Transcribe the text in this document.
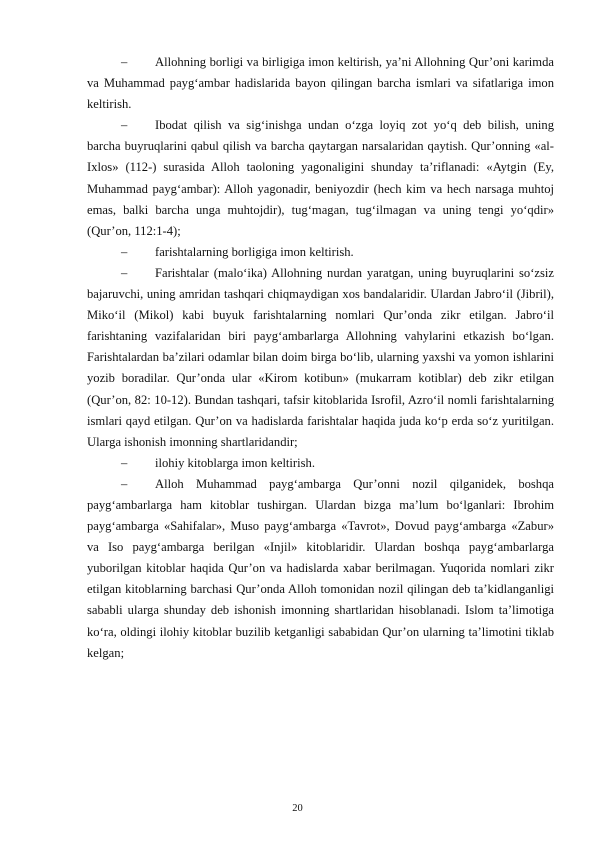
– Allohning borligi va birligiga imon keltirish, ya’ni Allohning Qur’oni karimda va Muhammad payg‘ambar hadislarida bayon qilingan barcha ismlari va sifatlariga imon keltirish.

– Ibodat qilish va sig‘inishga undan o‘zga loyiq zot yo‘q deb bilish, uning barcha buyruqlarini qabul qilish va barcha qaytargan narsalaridan qaytish. Qur’onning «al-Ixlos» (112-) surasida Alloh taoloning yagonaligini shunday ta’riflanadi: «Aytgin (Ey, Muhammad payg‘ambar): Alloh yagonadir, beniyozdir (hech kim va hech narsaga muhtoj emas, balki barcha unga muhtojdir), tug‘magan, tug‘ilmagan va uning tengi yo‘qdir» (Qur’on, 112:1-4);

– farishtalarning borligiga imon keltirish.

– Farishtalar (malo‘ika) Allohning nurdan yaratgan, uning buyruqlarini so‘zsiz bajaruvchi, uning amridan tashqari chiqmaydigan xos bandalaridir. Ulardan Jabro‘il (Jibril), Miko‘il (Mikol) kabi buyuk farishtalarning nomlari Qur’onda zikr etilgan. Jabro‘il farishtaning vazifalaridan biri payg‘ambarlarga Allohning vahylarini etkazish bo‘lgan. Farishtalardan ba’zilari odamlar bilan doim birga bo‘lib, ularning yaxshi va yomon ishlarini yozib boradilar. Qur’onda ular «Kirom kotibun» (mukarram kotiblar) deb zikr etilgan (Qur’on, 82: 10-12). Bundan tashqari, tafsir kitoblarida Isrofil, Azro‘il nomli farishtalarning ismlari qayd etilgan. Qur’on va hadislarda farishtalar haqida juda ko‘p erda so‘z yuritilgan. Ularga ishonish imonning shartlaridandir;

– ilohiy kitoblarga imon keltirish.

– Alloh Muhammad payg‘ambarga Qur’onni nozil qilganidek, boshqa payg‘ambarlarga ham kitoblar tushirgan. Ulardan bizga ma’lum bo‘lganlari: Ibrohim payg‘ambarga «Sahifalar», Muso payg‘ambarga «Tavrot», Dovud payg‘ambarga «Zabur» va Iso payg‘ambarga berilgan «Injil» kitoblaridir. Ulardan boshqa payg‘ambarlarga yuborilgan kitoblar haqida Qur’on va hadislarda xabar berilmagan. Yuqorida nomlari zikr etilgan kitoblarning barchasi Qur’onda Alloh tomonidan nozil qilingan deb ta’kidlanganligi sababli ularga shunday deb ishonish imonning shartlaridan hisoblanadi. Islom ta’limotiga ko‘ra, oldingi ilohiy kitoblar buzilib ketganligi sababidan Qur’on ularning ta’limotini tiklab kelgan;

20
